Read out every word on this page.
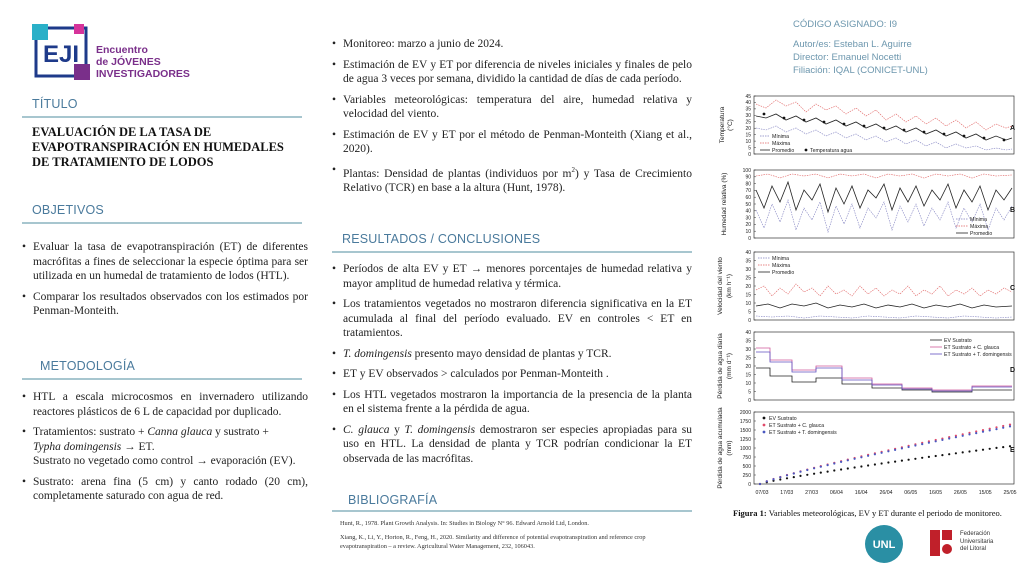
EJI Encuentro
de JÓVENES
INVESTIGADORES
TÍTULO
EVALUACIÓN DE LA TASA DE EVAPOTRANSPIRACIÓN EN HUMEDALES DE TRATAMIENTO DE LODOS
OBJETIVOS
• Evaluar la tasa de evapotranspiración (ET) de diferentes macrófitas a fines de seleccionar la especie óptima para ser utilizada en un humedal de tratamiento de lodos (HTL).
• Comparar los resultados observados con los estimados por Penman-Monteith.
METODOLOGÍA
• HTL a escala microcosmos en invernadero utilizando reactores plásticos de 6 L de capacidad por duplicado.
• Tratamientos: sustrato + Canna glauca y sustrato +
Typha domingensis → ET.
Sustrato no vegetado como control → evaporación (EV).
• Sustrato: arena fina (5 cm) y canto rodado (20 cm), completamente saturado con agua de red.
• Monitoreo: marzo a junio de 2024.
• Estimación de EV y ET por diferencia de niveles iniciales y finales de pelo de agua 3 veces por semana, dividido la cantidad de días de cada período.
• Variables meteorológicas: temperatura del aire, humedad relativa y velocidad del viento.
• Estimación de EV y ET por el método de Penman-Monteith (Xiang et al., 2020).
• Plantas: Densidad de plantas (individuos por $m^2$) y Tasa de Crecimiento Relativo (TCR) en base a la altura (Hunt, 1978).
RESULTADOS / CONCLUSIONES
• Períodos de alta EV y ET → menores porcentajes de humedad relativa y mayor amplitud de humedad relativa y térmica.
• Los tratamientos vegetados no mostraron diferencia significativa en la ET acumulada al final del período evaluado. EV en controles < ET en tratamientos.
• T. domingensis presento mayo densidad de plantas y TCR.
• ET y EV observados > calculados por Penman-Monteith .
• Los HTL vegetados mostraron la importancia de la presencia de la planta en el sistema frente a la pérdida de agua.
• C. glauca y T. domingensis demostraron ser especies apropiadas para su uso en HTL. La densidad de planta y TCR podrían condicionar la ET observada de las macrófitas.
BIBLIOGRAFÍA
Hunt, R., 1978. Plant Growth Analysis. In: Studies in Biology N° 96. Edward Arnold Ltd, London.
Xiang, K., Li, Y., Horton, R., Feng, H., 2020. Similarity and difference of potential evapotranspiration and reference crop evapotranspiration – a review. Agricultural Water Management, 232, 106043.
CÓDIGO ASIGNADO: I9
Autor/es: Esteban L. Aguirre
Director: Emanuel Nocetti
Filiación: IQAL (CONICET-UNL)
45
40
35
30
25
20
15
10
5
0
Temperatura (°C)
Mínima
Máxima
Promedio	Temperatura agua
A
100
90
80
70
60
50
40
30
20
10
0
Humedad relativa (%)	Mínima
Máxima
Promedio
B
40
35
30
25
20
15
10
5
0
Velocidad del viento (km h⁻¹)
Mínima
Máxima
Promedio
C
40
35
30
25
20
15
10
5
0
Pérdida de agua diaria (mm d⁻¹)
EV Sustrato
ET Sustrato + C. glauca
ET Sustrato + T. domingensis
D
2000
1750
1500
1250
1000
750
500
250
0
Pérdida de agua acumulada (mm)
EV Sustrato
ET Sustrato + C. glauca
ET Sustrato + T. domingensis
E
07/03 17/03 27/03 06/04 16/04 26/04 06/05 16/05 26/05 15/05 25/05
Figura 1: Variables meteorológicas, EV y ET durante el periodo de monitoreo.
UNL
Federación
Universitaria
del Litoral
